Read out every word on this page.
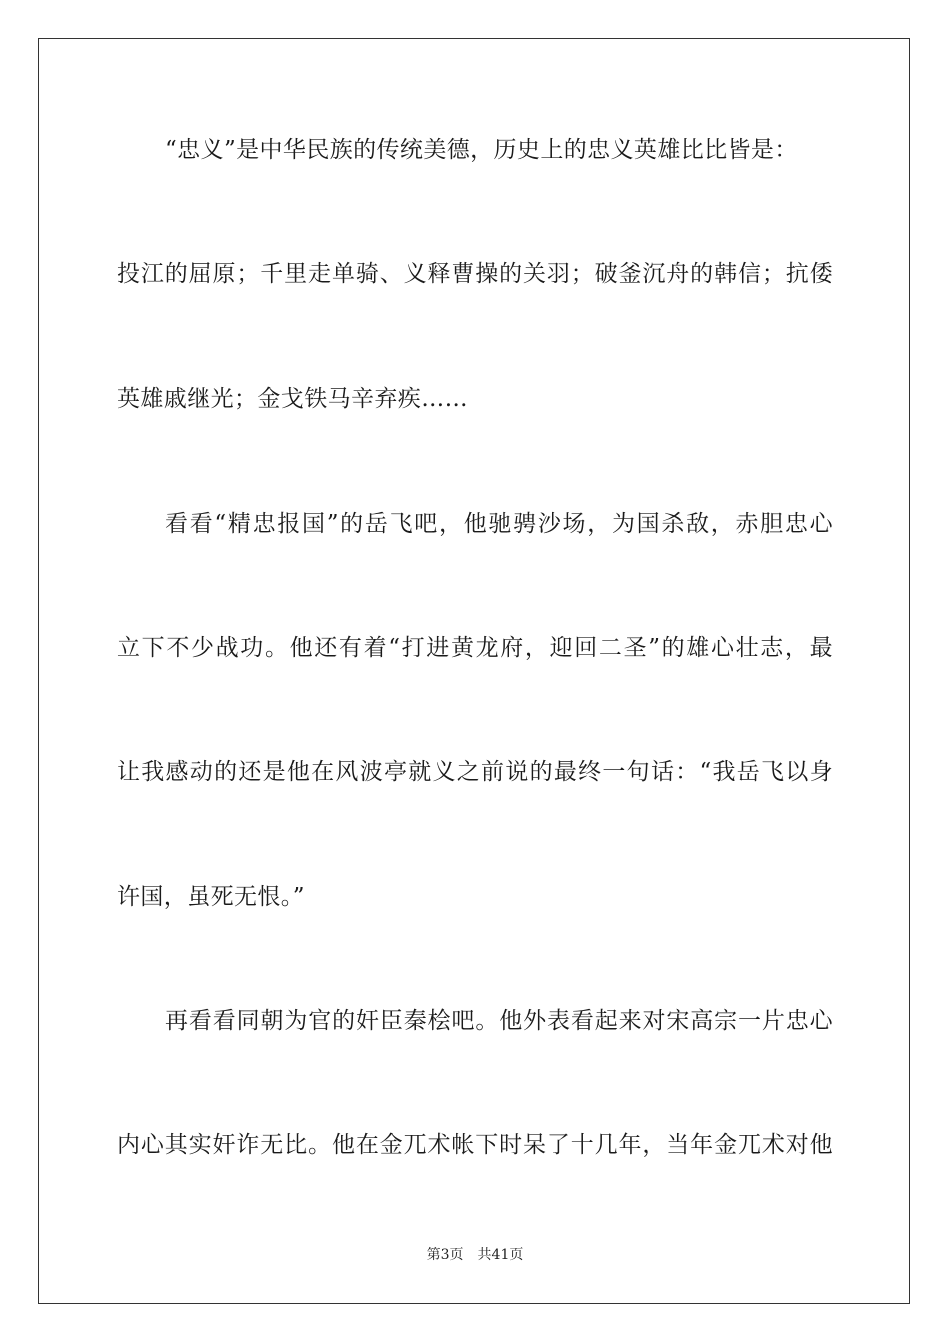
“忠义”是中华民族的传统美德，历史上的忠义英雄比比皆是：
投江的屈原；千里走单骑、义释曹操的关羽；破釜沉舟的韩信；抗倭
英雄戚继光；金戈铁马辛弃疾……
看看“精忠报国”的岳飞吧，他驰骋沙场，为国杀敌，赤胆忠心
立下不少战功。他还有着“打进黄龙府，迎回二圣”的雄心壮志，最
让我感动的还是他在风波亭就义之前说的最终一句话：“我岳飞以身
许国，虽死无恨。”
再看看同朝为官的奸臣秦桧吧。他外表看起来对宋高宗一片忠心
内心其实奸诈无比。他在金兀术帐下时呆了十几年，当年金兀术对他
第3页 共41页
